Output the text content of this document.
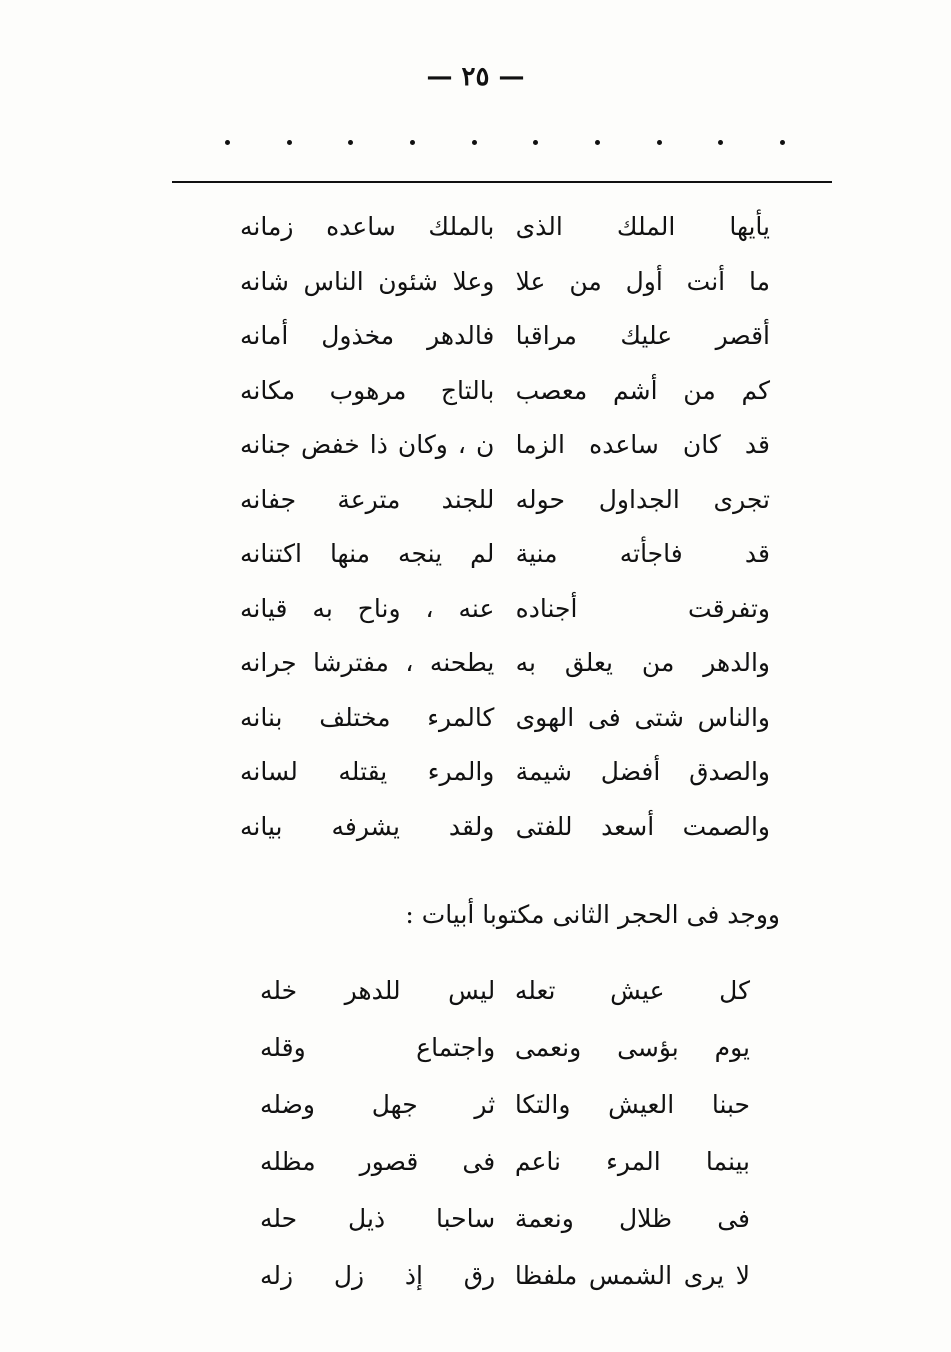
— ٢٥ —
يأيها الملك الذى
بالملك ساعده زمانه
ما أنت أول من علا
وعلا شئون الناس شانه
أقصر عليك مراقبا
فالدهر مخذول أمانه
كم من أشم معصب
بالتاج مرهوب مكانه
قد كان ساعده الزما
ن ، وكان ذا خفض جنانه
تجرى الجداول حوله
للجند مترعة جفانه
قد فاجأته منية
لم ينجه منها اكتنانه
وتفرقت أجناده
عنه ، وناح به قيانه
والدهر من يعلق به
يطحنه ، مفترشا جرانه
والناس شتى فى الهوى
كالمرء مختلف بنانه
والصدق أفضل شيمة
والمرء يقتله لسانه
والصمت أسعد للفتى
ولقد يشرفه بيانه
ووجد فى الحجر الثانى مكتوبا أبيات :
كل عيش تعله
ليس للدهر خله
يوم بؤسى ونعمى
واجتماع وقله
حبنا العيش والتكا
ثر جهل وضله
بينما المرء ناعم
فى قصور مظله
فى ظلال ونعمة
ساحبا ذيل حله
لا يرى الشمس ملفظا
رق إذ زل زله
